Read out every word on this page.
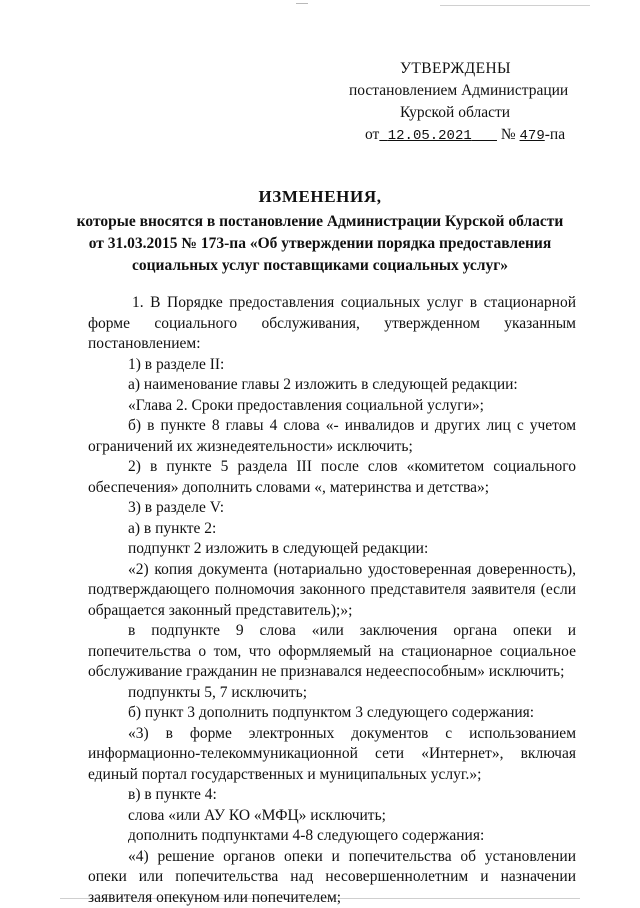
УТВЕРЖДЕНЫ
постановлением Администрации
Курской области
от 12.05.2021 № 479-па
ИЗМЕНЕНИЯ,
которые вносятся в постановление Администрации Курской области
от 31.03.2015 № 173-па «Об утверждении порядка предоставления
социальных услуг поставщиками социальных услуг»

1. В Порядке предоставления социальных услуг в стационарной форме социального обслуживания, утвержденном указанным постановлением:

1) в разделе II:

а) наименование главы 2 изложить в следующей редакции:

«Глава 2. Сроки предоставления социальной услуги»;

б) в пункте 8 главы 4 слова «- инвалидов и других лиц с учетом ограничений их жизнедеятельности» исключить;

2) в пункте 5 раздела III после слов «комитетом социального обеспечения» дополнить словами «, материнства и детства»;

3) в разделе V:

а) в пункте 2:

подпункт 2 изложить в следующей редакции:

«2) копия документа (нотариально удостоверенная доверенность), подтверждающего полномочия законного представителя заявителя (если обращается законный представитель);»;

в подпункте 9 слова «или заключения органа опеки и попечительства о том, что оформляемый на стационарное социальное обслуживание гражданин не признавался недееспособным» исключить;

подпункты 5, 7 исключить;

б) пункт 3 дополнить подпунктом 3 следующего содержания:

«3) в форме электронных документов с использованием информационно-телекоммуникационной сети «Интернет», включая единый портал государственных и муниципальных услуг.»;

в) в пункте 4:

слова «или АУ КО «МФЦ» исключить;

дополнить подпунктами 4-8 следующего содержания:

«4) решение органов опеки и попечительства об установлении опеки или попечительства над несовершеннолетним и назначении заявителя опекуном или попечителем;
